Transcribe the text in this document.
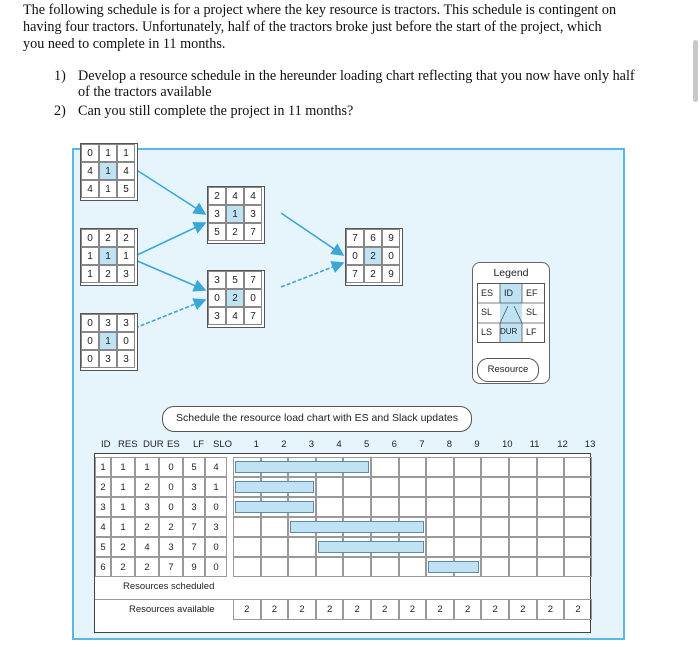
The following schedule is for a project where the key resource is tractors. This schedule is contingent on
having four tractors. Unfortunately, half of the tractors broke just before the start of the project, which
you need to complete in 11 months.
1) Develop a resource schedule in the hereunder loading chart reflecting that you now have only half
of the tractors available
2) Can you still complete the project in 11 months?
0	1	1
4	1	4
4	1	5
0	2	2
1	1	1
1	2	3
0	3	3
0	1	0
0	3	3
2	4	4
3	1	3
5	2	7
3	5	7
0	2	0
3	4	7
7	6	9
0	2	0
7	2	9	Legend
ES ID EF
SL	SL
LS DUR LF
Resource
Schedule the resource load chart with ES and Slack updates
ID RES DUR ES LF SLO 1 2 3 4 5 6 7 8 9 10 11 12 13
1	1	1	0	5	4
2	1	2	0	3	1
3	1	3	0	3	0
4	1	2	2	7	3
5	2	4	3	7	0
6	2	2	7	9	0
Resources scheduled
Resources available	2	2	2	2	2	2	2	2	2	2	2	2	2
